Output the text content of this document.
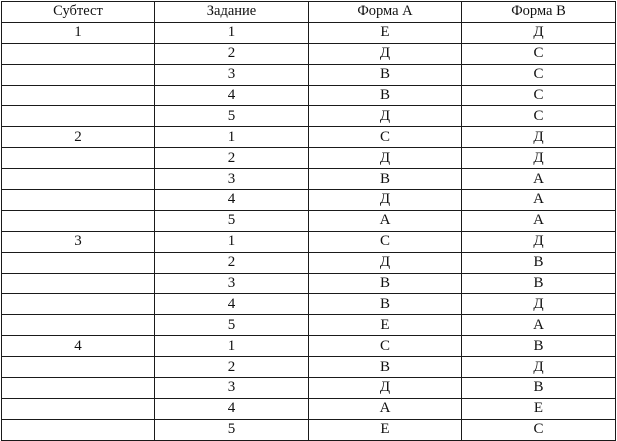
Субтест	Задание	Форма А	Форма В
1	1	Е	Д
	2	Д	С
	3	В	С
	4	В	С
	5	Д	С
2	1	С	Д
	2	Д	Д
	3	В	А
	4	Д	А
	5	А	А
3	1	С	Д
	2	Д	В
	3	В	В
	4	В	Д
	5	Е	А
4	1	С	В
	2	В	Д
	3	Д	В
	4	А	Е
	5	Е	С
